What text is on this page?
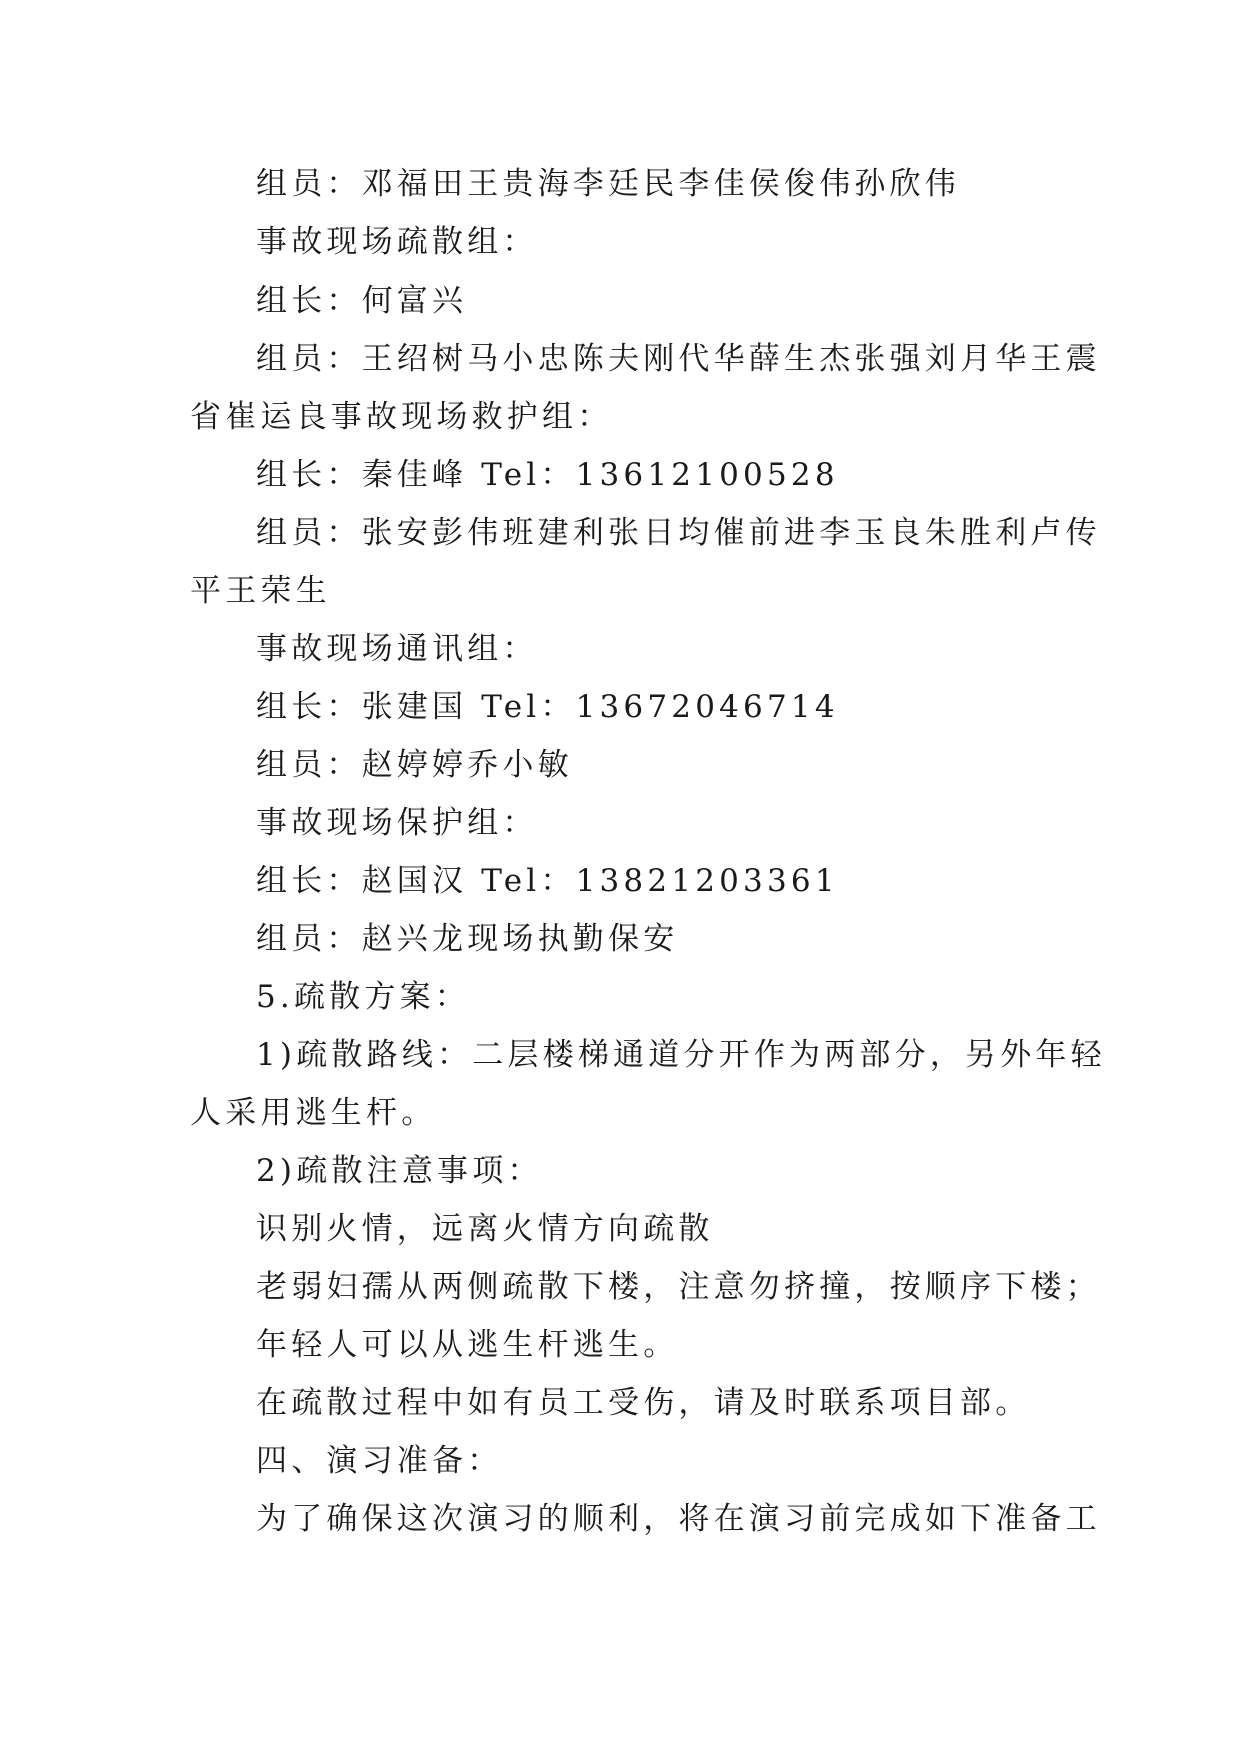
组员：邓福田王贵海李廷民李佳侯俊伟孙欣伟
事故现场疏散组：
组长：何富兴
组员：王绍树马小忠陈夫刚代华薛生杰张强刘月华王震
省崔运良事故现场救护组：
组长：秦佳峰 Tel：13612100528
组员：张安彭伟班建利张日均催前进李玉良朱胜利卢传
平王荣生
事故现场通讯组：
组长：张建国 Tel：13672046714
组员：赵婷婷乔小敏
事故现场保护组：
组长：赵国汉 Tel：13821203361
组员：赵兴龙现场执勤保安
5.疏散方案：
1)疏散路线：二层楼梯通道分开作为两部分，另外年轻
人采用逃生杆。
2)疏散注意事项：
识别火情，远离火情方向疏散
老弱妇孺从两侧疏散下楼，注意勿挤撞，按顺序下楼；
年轻人可以从逃生杆逃生。
在疏散过程中如有员工受伤，请及时联系项目部。
四、演习准备：
为了确保这次演习的顺利，将在演习前完成如下准备工
